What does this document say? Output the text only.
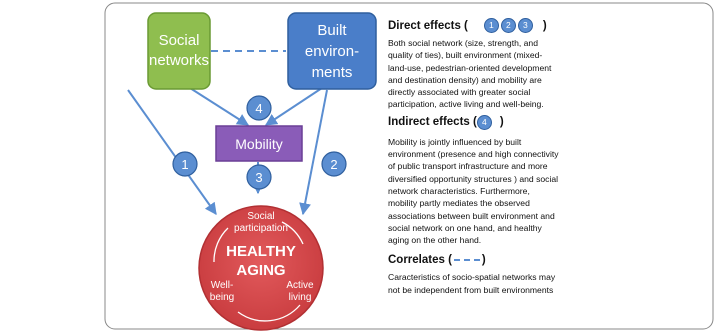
Social
networks
Built
environ-
ments
Mobility
Social
participation
HEALTHY
AGING
Well-
being
Active
living
1	2
3
4
Direct effects (	1	2	3	)
Both social network (size, strength, and quality of ties), built environment (mixed-land-use, pedestrian-oriented development and destination density) and mobility are directly associated with greater social participation, active living and well-being.
Indirect effects ( 4	)
Mobility is jointly influenced by built environment (presence and high connectivity of public transport infrastructure and more diversified opportunity structures ) and social network characteristics. Furthermore, mobility partly mediates the observed associations between built environment and social network on one hand, and healthy aging on the other hand.
Correlates (	)
Caracteristics of socio-spatial networks may not be independent from built environments
